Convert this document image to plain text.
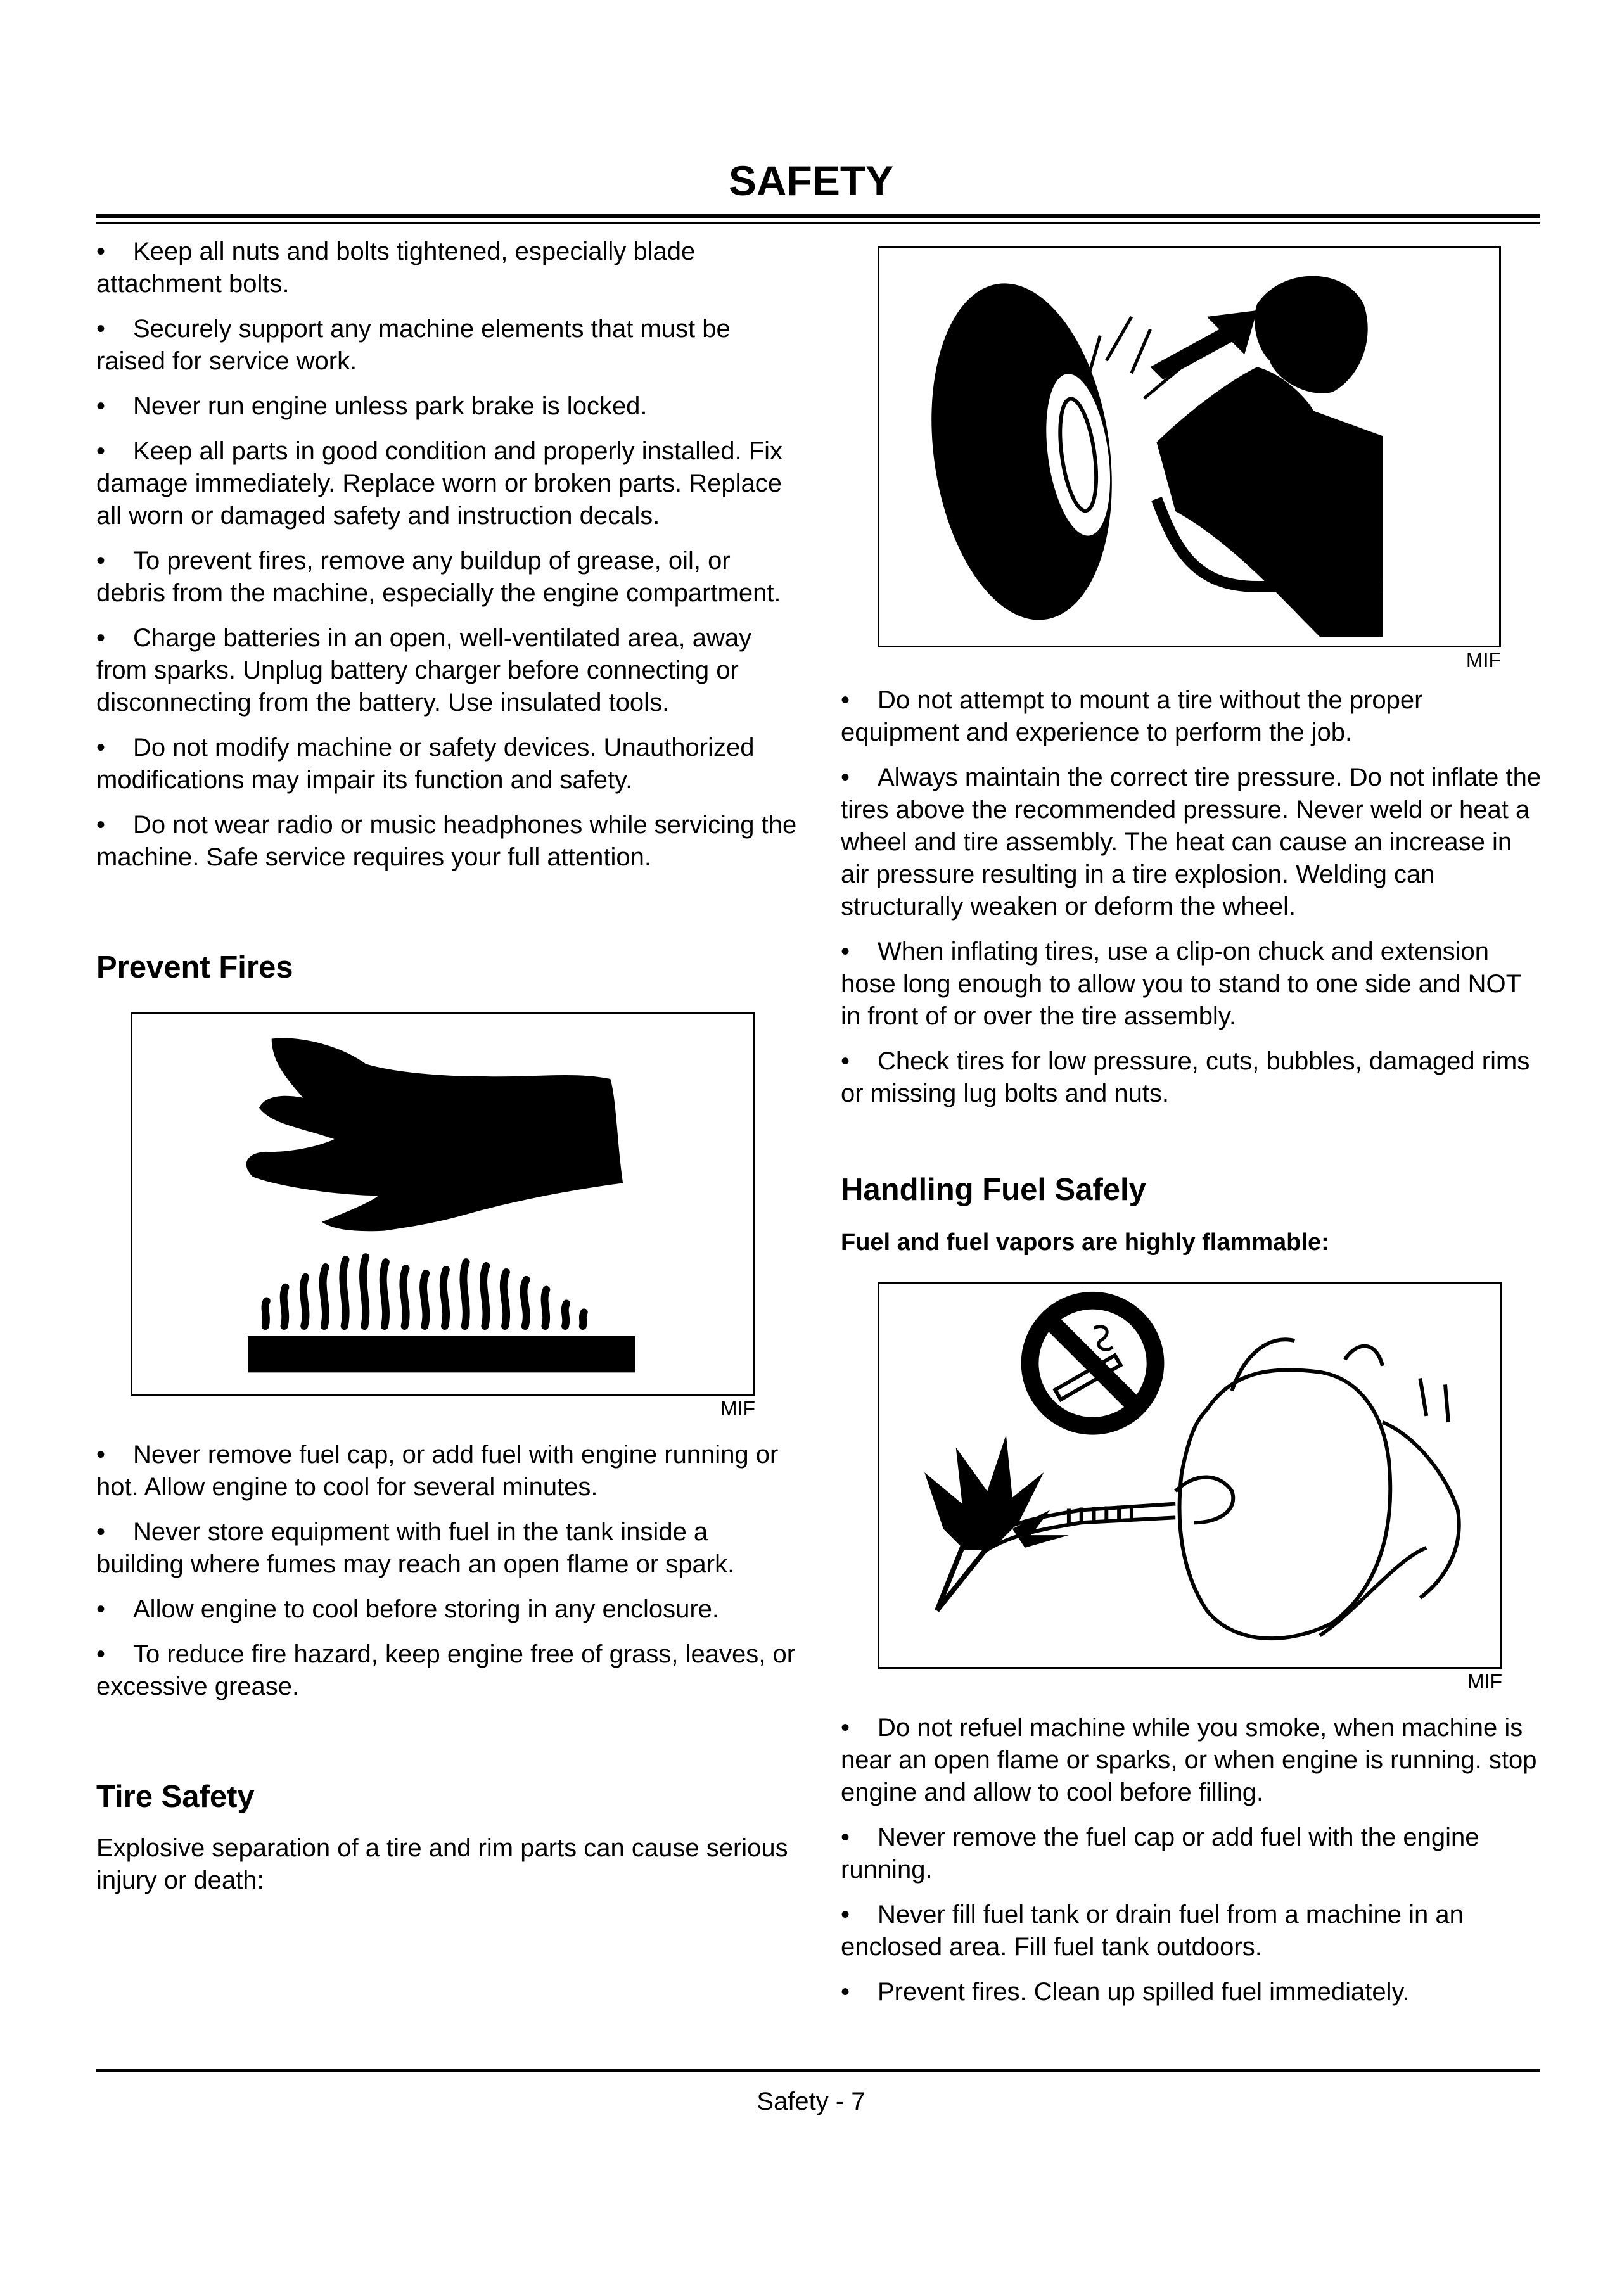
SAFETY

• Keep all nuts and bolts tightened, especially blade attachment bolts.

• Securely support any machine elements that must be raised for service work.

• Never run engine unless park brake is locked.

• Keep all parts in good condition and properly installed. Fix damage immediately. Replace worn or broken parts. Replace all worn or damaged safety and instruction decals.

• To prevent fires, remove any buildup of grease, oil, or debris from the machine, especially the engine compartment.

• Charge batteries in an open, well-ventilated area, away from sparks. Unplug battery charger before connecting or disconnecting from the battery. Use insulated tools.

• Do not modify machine or safety devices. Unauthorized modifications may impair its function and safety.

• Do not wear radio or music headphones while servicing the machine. Safe service requires your full attention.

Prevent Fires
MIF

• Never remove fuel cap, or add fuel with engine running or hot. Allow engine to cool for several minutes.

• Never store equipment with fuel in the tank inside a building where fumes may reach an open flame or spark.

• Allow engine to cool before storing in any enclosure.

• To reduce fire hazard, keep engine free of grass, leaves, or excessive grease.

Tire Safety

Explosive separation of a tire and rim parts can cause serious injury or death:

MIF

• Do not attempt to mount a tire without the proper equipment and experience to perform the job.

• Always maintain the correct tire pressure. Do not inflate the tires above the recommended pressure. Never weld or heat a wheel and tire assembly. The heat can cause an increase in air pressure resulting in a tire explosion. Welding can structurally weaken or deform the wheel.

• When inflating tires, use a clip-on chuck and extension hose long enough to allow you to stand to one side and NOT in front of or over the tire assembly.

• Check tires for low pressure, cuts, bubbles, damaged rims or missing lug bolts and nuts.

Handling Fuel Safely

Fuel and fuel vapors are highly flammable:

MIF

• Do not refuel machine while you smoke, when machine is near an open flame or sparks, or when engine is running. stop engine and allow to cool before filling.

• Never remove the fuel cap or add fuel with the engine running.

• Never fill fuel tank or drain fuel from a machine in an enclosed area. Fill fuel tank outdoors.

• Prevent fires. Clean up spilled fuel immediately.

Safety - 7
